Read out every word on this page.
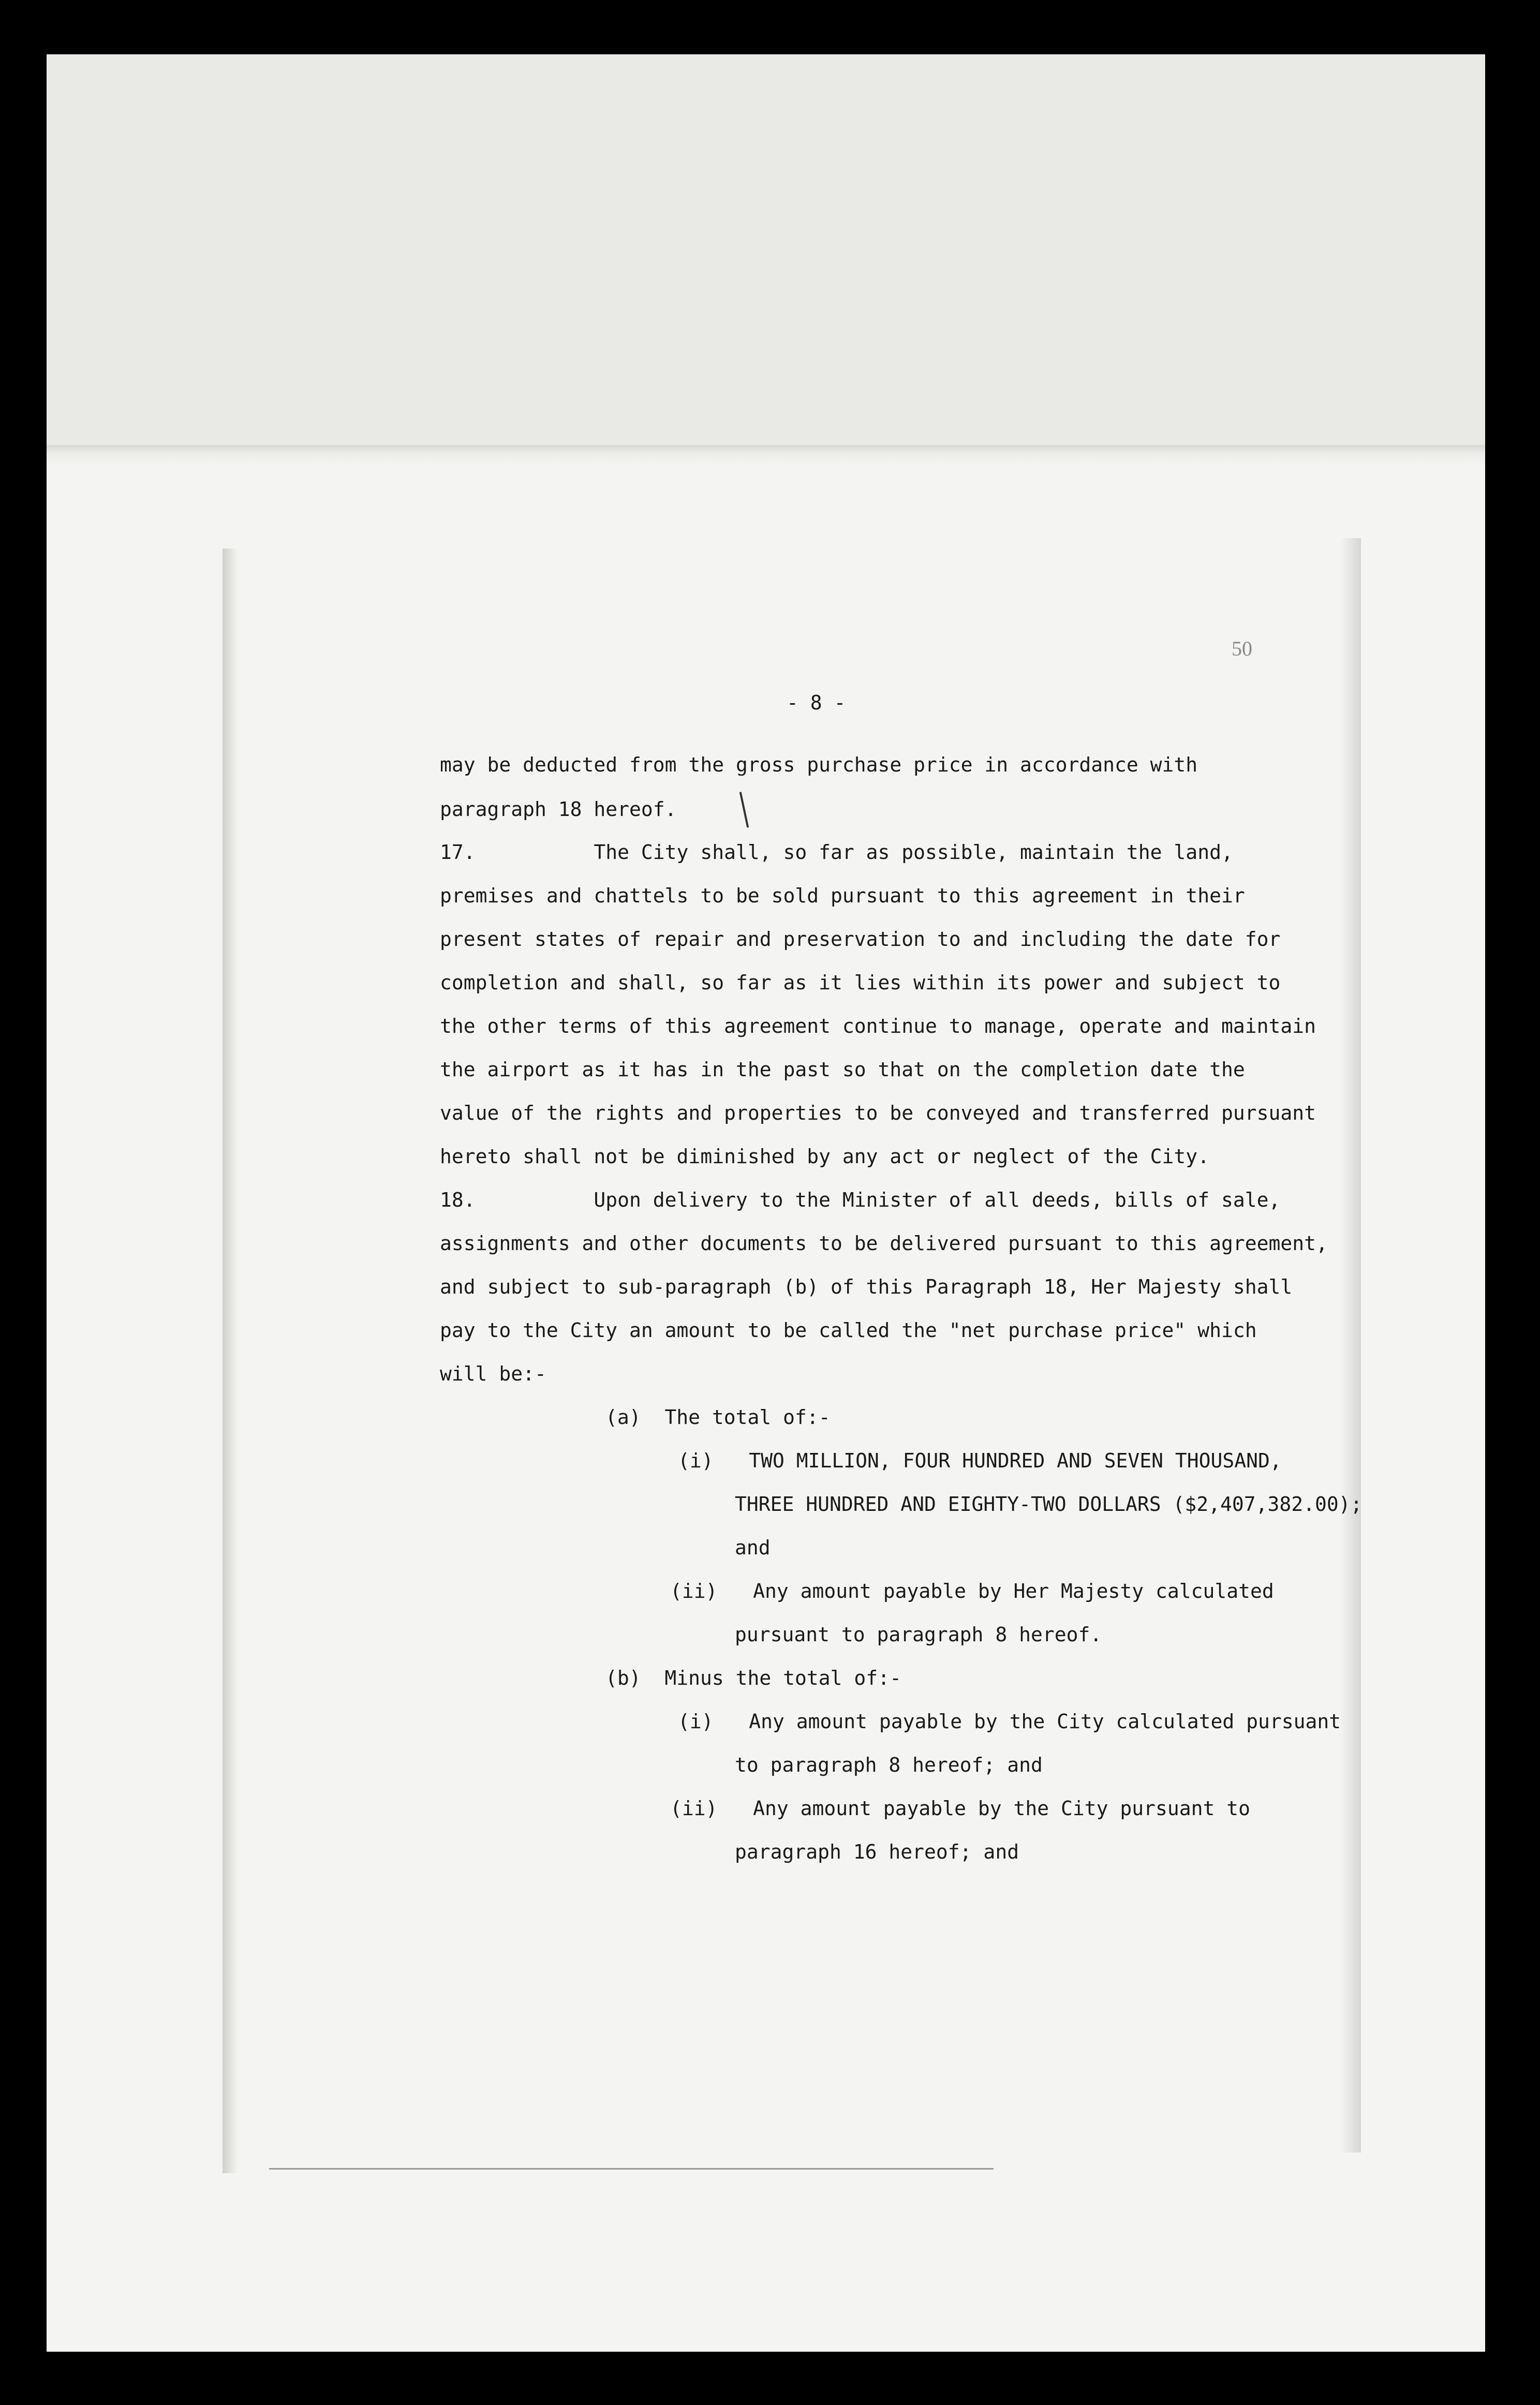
50
- 8 -
may be deducted from the gross purchase price in accordance with
paragraph 18 hereof.
17.          The City shall, so far as possible, maintain the land,
premises and chattels to be sold pursuant to this agreement in their
present states of repair and preservation to and including the date for
completion and shall, so far as it lies within its power and subject to
the other terms of this agreement continue to manage, operate and maintain
the airport as it has in the past so that on the completion date the
value of the rights and properties to be conveyed and transferred pursuant
hereto shall not be diminished by any act or neglect of the City.
18.          Upon delivery to the Minister of all deeds, bills of sale,
assignments and other documents to be delivered pursuant to this agreement,
and subject to sub-paragraph (b) of this Paragraph 18, Her Majesty shall
pay to the City an amount to be called the "net purchase price" which
will be:-
(a)  The total of:-
(i)   TWO MILLION, FOUR HUNDRED AND SEVEN THOUSAND,
THREE HUNDRED AND EIGHTY-TWO DOLLARS ($2,407,382.00);
and
(ii)   Any amount payable by Her Majesty calculated
pursuant to paragraph 8 hereof.
(b)  Minus the total of:-
(i)   Any amount payable by the City calculated pursuant
to paragraph 8 hereof; and
(ii)   Any amount payable by the City pursuant to
paragraph 16 hereof; and
